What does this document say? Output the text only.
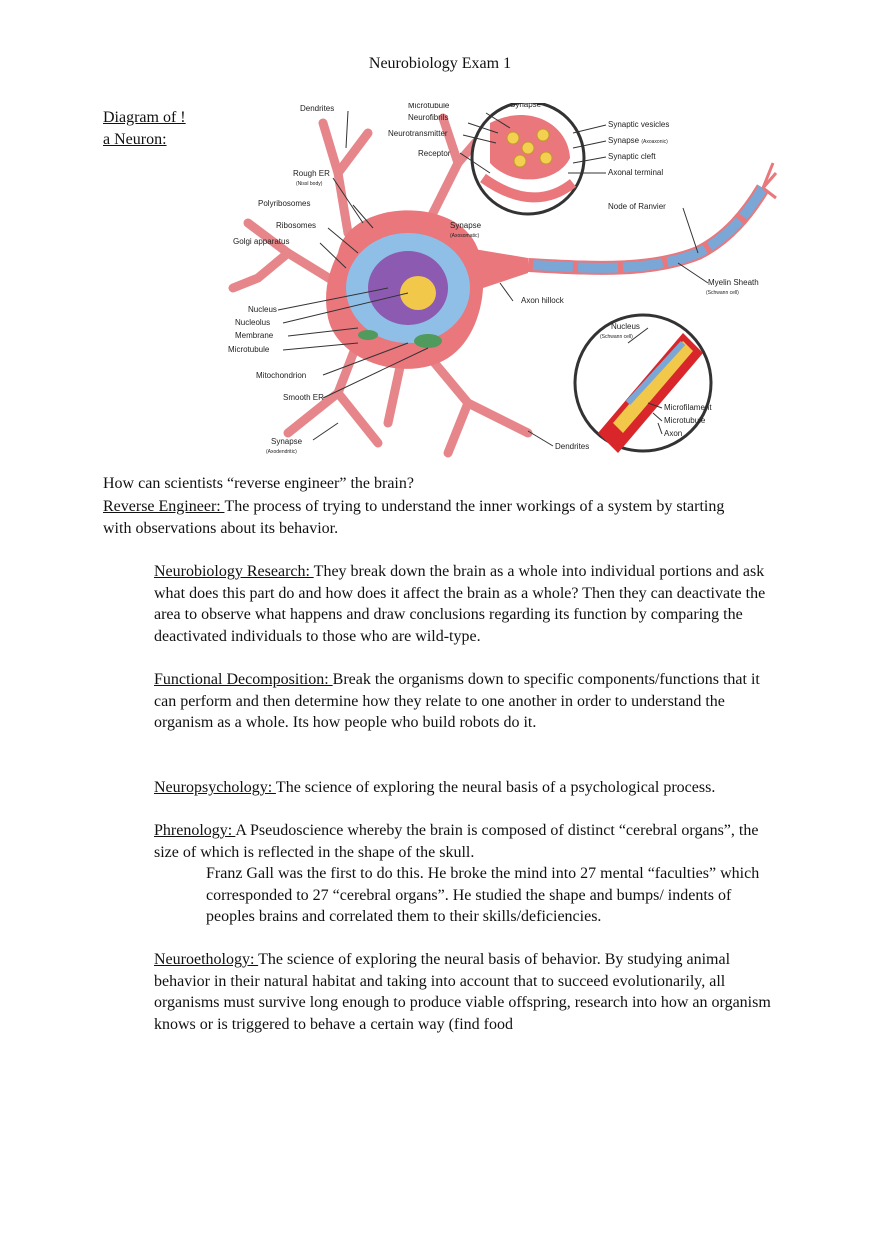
Neurobiology Exam 1
Diagram of !
a Neuron:
Dendrites	Microtubule
Neurofibrils
Neurotransmitter
Receptor
Synapse
Synaptic vesicles
Synapse (Axoaxonic)
Synaptic cleft
Axonal terminal
Rough ER
(Nissl body)
Polyribosomes
Ribosomes
Golgi apparatus
Synapse
(Axosomatic)
Node of Ranvier
Myelin Sheath
(Schwann cell)
Axon hillock
Nucleus
Nucleolus
Membrane
Microtubule
Nucleus
(Schwann cell)
Mitochondrion
Smooth ER
Microfilament
Microtubule
Axon
Synapse
(Axodendritic)
Dendrites
How can scientists “reverse engineer” the brain?
Reverse Engineer: The process of trying to understand the inner workings of a system by starting with observations about its behavior.
Neurobiology Research: They break down the brain as a whole into individual portions and ask what does this part do and how does it affect the brain as a whole? Then they can deactivate the area to observe what happens and draw conclusions regarding its function by comparing the deactivated individuals to those who are wild-type.
Functional Decomposition: Break the organisms down to specific components/functions that it can perform and then determine how they relate to one another in order to understand the organism as a whole. Its how people who build robots do it.
Neuropsychology: The science of exploring the neural basis of a psychological process.
Phrenology: A Pseudoscience whereby the brain is composed of distinct “cerebral organs”, the size of which is reflected in the shape of the skull.
Franz Gall was the first to do this. He broke the mind into 27 mental “faculties” which corresponded to 27 “cerebral organs”. He studied the shape and bumps/ indents of peoples brains and correlated them to their skills/deficiencies.
Neuroethology: The science of exploring the neural basis of behavior. By studying animal behavior in their natural habitat and taking into account that to succeed evolutionarily, all organisms must survive long enough to produce viable offspring, research into how an organism knows or is triggered to behave a certain way (find food
